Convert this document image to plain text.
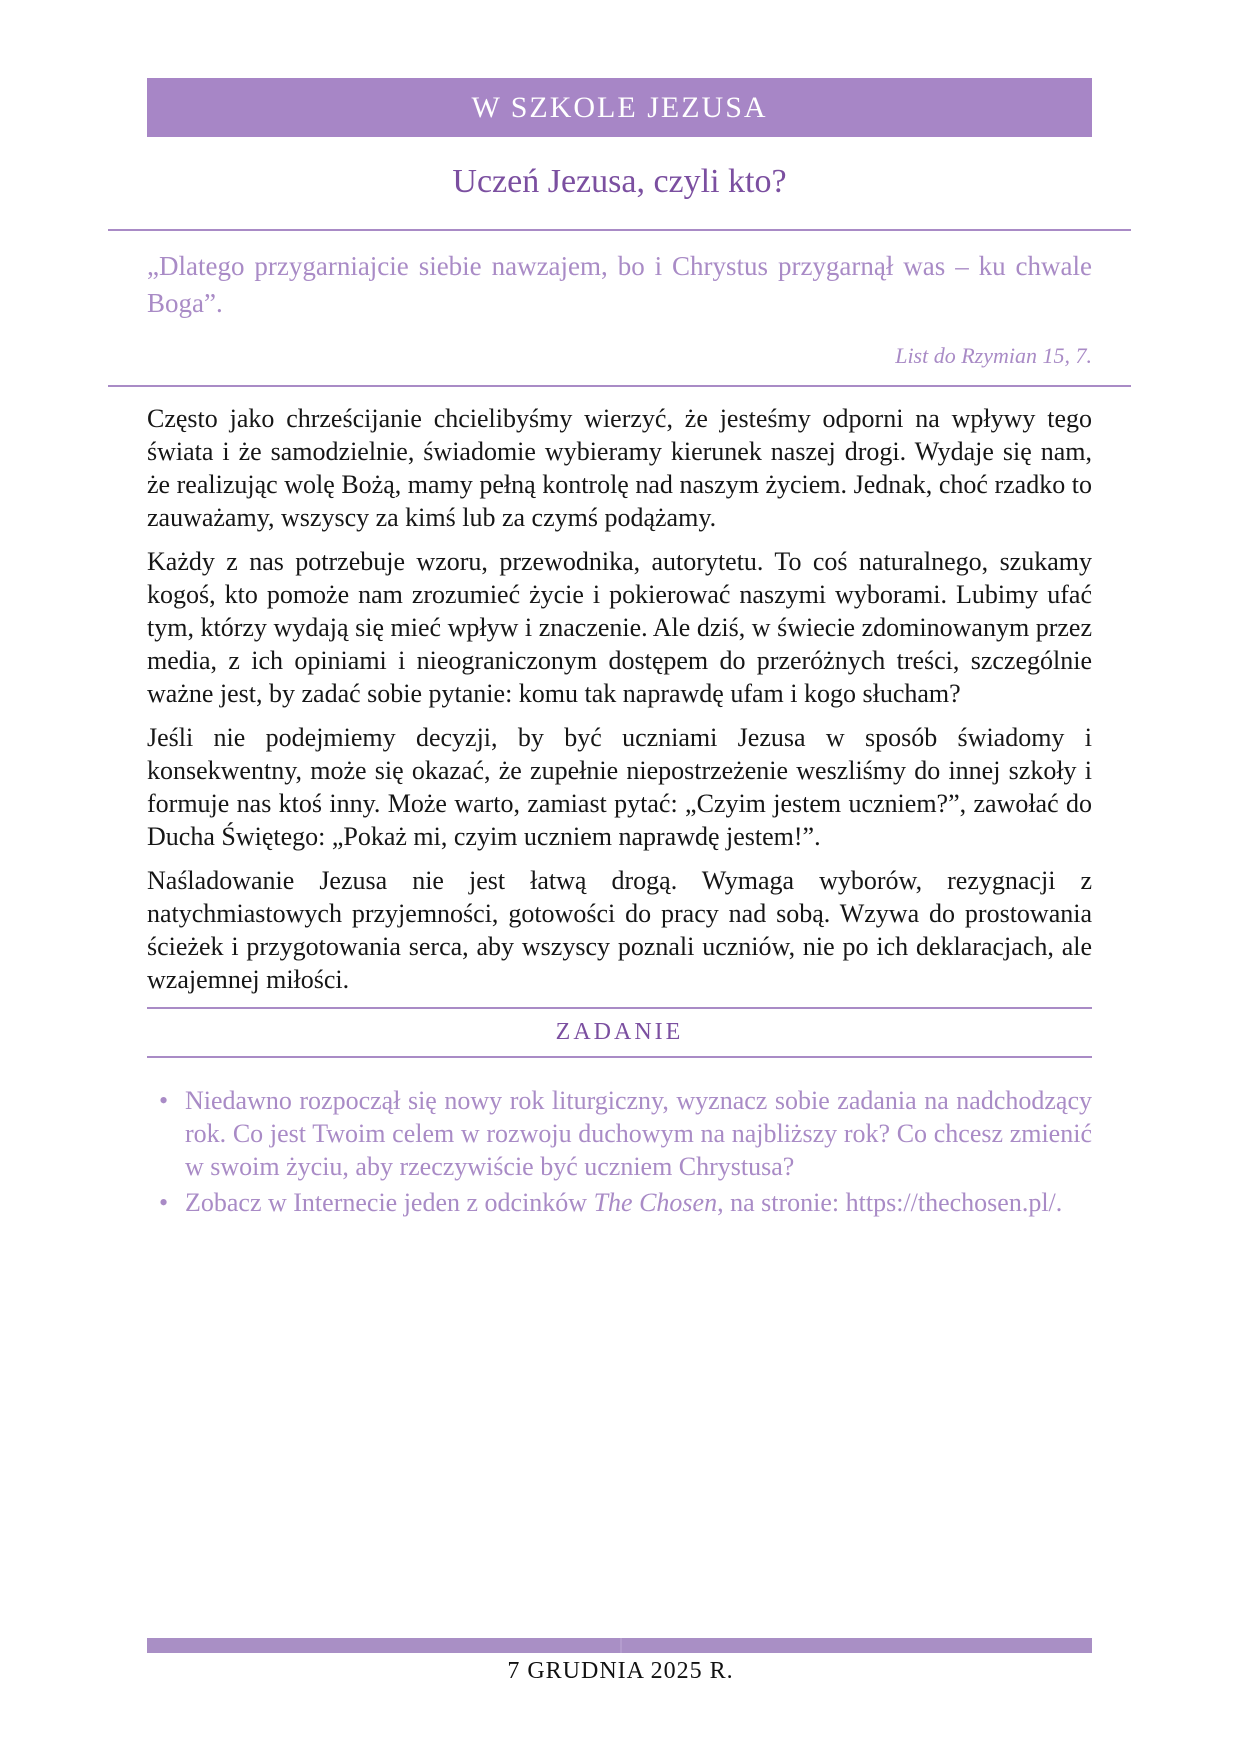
W SZKOLE JEZUSA
Uczeń Jezusa, czyli kto?
„Dlatego przygarniajcie siebie nawzajem, bo i Chrystus przygarnął was – ku chwale Boga”.
List do Rzymian 15, 7.

Często jako chrześcijanie chcielibyśmy wierzyć, że jesteśmy odporni na wpływy tego świata i że samodzielnie, świadomie wybieramy kierunek naszej drogi. Wydaje się nam, że realizując wolę Bożą, mamy pełną kontrolę nad naszym życiem. Jednak, choć rzadko to zauważamy, wszyscy za kimś lub za czymś podążamy.

Każdy z nas potrzebuje wzoru, przewodnika, autorytetu. To coś naturalnego, szukamy kogoś, kto pomoże nam zrozumieć życie i pokierować naszymi wyborami. Lubimy ufać tym, którzy wydają się mieć wpływ i znaczenie. Ale dziś, w świecie zdominowanym przez media, z ich opiniami i nieograniczonym dostępem do przeróżnych treści, szczególnie ważne jest, by zadać sobie pytanie: komu tak naprawdę ufam i kogo słucham?

Jeśli nie podejmiemy decyzji, by być uczniami Jezusa w sposób świadomy i konsekwentny, może się okazać, że zupełnie niepostrzeżenie weszliśmy do innej szkoły i formuje nas ktoś inny. Może warto, zamiast pytać: „Czyim jestem uczniem?”, zawołać do Ducha Świętego: „Pokaż mi, czyim uczniem naprawdę jestem!”.

Naśladowanie Jezusa nie jest łatwą drogą. Wymaga wyborów, rezygnacji z natychmiastowych przyjemności, gotowości do pracy nad sobą. Wzywa do prostowania ścieżek i przygotowania serca, aby wszyscy poznali uczniów, nie po ich deklaracjach, ale wzajemnej miłości.

ZADANIE
• Niedawno rozpoczął się nowy rok liturgiczny, wyznacz sobie zadania na nadchodzący rok. Co jest Twoim celem w rozwoju duchowym na najbliższy rok? Co chcesz zmienić w swoim życiu, aby rzeczywiście być uczniem Chrystusa?
• Zobacz w Internecie jeden z odcinków The Chosen, na stronie: https://thechosen.pl/.
7 GRUDNIA 2025 R.
